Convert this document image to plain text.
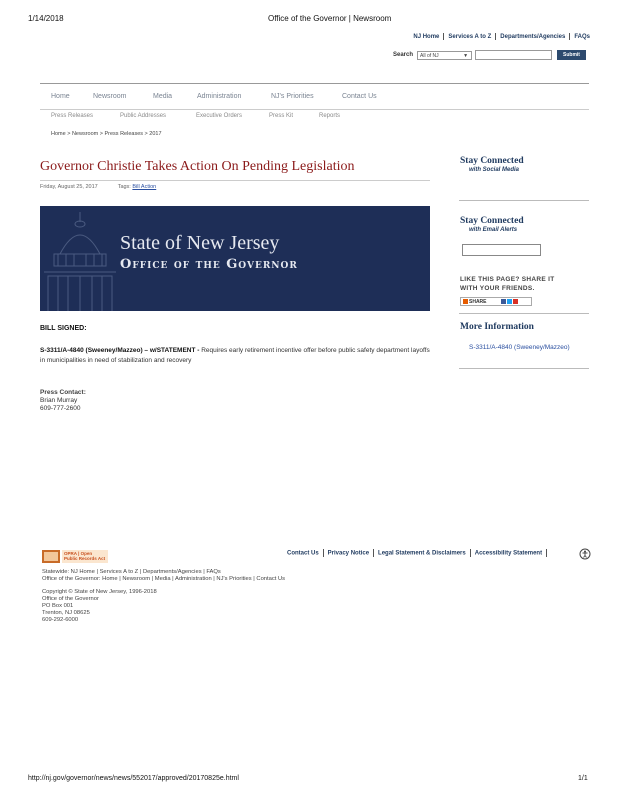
1/14/2018	Office of the Governor | Newsroom
NJ Home Services A to Z Departments/Agencies FAQs
Search	All of NJ	▼	Submit
Home	Newsroom	Media	Administration	NJ's Priorities	Contact Us
Press Releases	Public Addresses	Executive Orders	Press Kit	Reports
Home > Newsroom > Press Releases > 2017
Governor Christie Takes Action On Pending Legislation
Friday, August 25, 2017	Tags: Bill Action
State of New Jersey
Office of the Governor
BILL SIGNED:
S-3311/A-4840 (Sweeney/Mazzeo) – w/STATEMENT - Requires early retirement incentive offer before public safety department layoffs in municipalities in need of stabilization and recovery
Press Contact:
Brian Murray
609-777-2600
Stay Connected
with Social Media
Stay Connected
with Email Alerts
LIKE THIS PAGE? SHARE IT
WITH YOUR FRIENDS.
SHARE
More Information
S-3311/A-4840 (Sweeney/Mazzeo)
OPRA | Open
Public Records Act
Contact Us Privacy Notice Legal Statement & Disclaimers Accessibility Statement
Statewide: NJ Home | Services A to Z | Departments/Agencies | FAQs
Office of the Governor: Home | Newsroom | Media | Administration | NJ's Priorities | Contact Us
Copyright © State of New Jersey, 1996-2018
Office of the Governor
PO Box 001
Trenton, NJ 08625
609-292-6000
http://nj.gov/governor/news/news/552017/approved/20170825e.html	1/1
